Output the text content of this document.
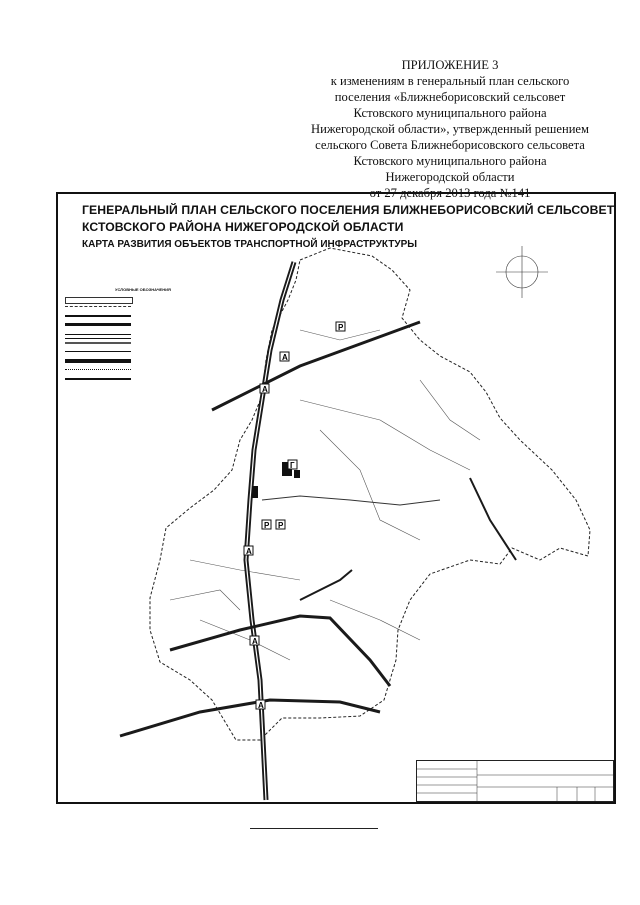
ПРИЛОЖЕНИЕ 3
к изменениям в генеральный план сельского
поселения «Ближнеборисовский сельсовет
Кстовского муниципального района
Нижегородской области», утвержденный решением
сельского Совета Ближнеборисовского сельсовета
Кстовского муниципального района
Нижегородской области
от 27 декабря 2013 года №141
ГЕНЕРАЛЬНЫЙ ПЛАН СЕЛЬСКОГО ПОСЕЛЕНИЯ БЛИЖНЕБОРИСОВСКИЙ СЕЛЬСОВЕТ
КСТОВСКОГО РАЙОНА НИЖЕГОРОДСКОЙ ОБЛАСТИ
КАРТА РАЗВИТИЯ ОБЪЕКТОВ ТРАНСПОРТНОЙ ИНФРАСТРУКТУРЫ
УСЛОВНЫЕ ОБОЗНАЧЕНИЯ
A
A
A
A
A
P
P P
Г
